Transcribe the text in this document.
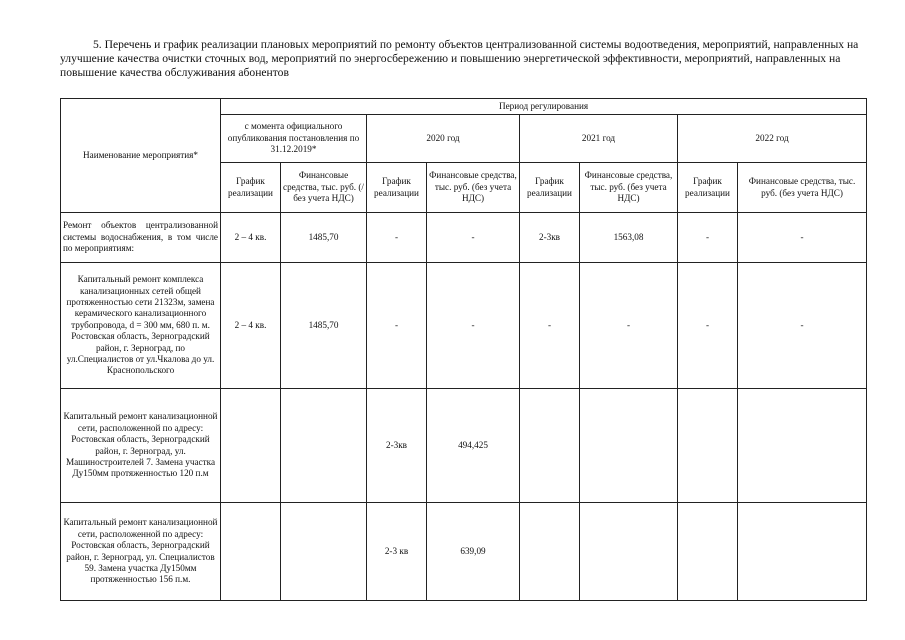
5. Перечень и график реализации плановых мероприятий по ремонту объектов централизованной системы водоотведения, мероприятий, направленных на улучшение качества очистки сточных вод, мероприятий по энергосбережению и повышению энергетической эффективности, мероприятий, направленных на повышение качества обслуживания абонентов
Наименование мероприятия*	Период регулирования							
	с момента официального опубликования постановления по 31.12.2019*		2020 год		2021 год		2022 год	
	График реализации	Финансовые средства, тыс. руб. (/без учета НДС)	График реализации	Финансовые средства, тыс. руб. (без учета НДС)	График реализации	Финансовые средства, тыс. руб. (без учета НДС)	График реализации	Финансовые средства, тыс. руб. (без учета НДС)
Ремонт объектов централизованной системы водоснабжения, в том числе по мероприятиям:	2 – 4 кв.	1485,70	-	-	2-3кв	1563,08	-	-
Капитальный ремонт комплекса канализационных сетей общей протяженностью сети 21323м, замена керамического канализационного трубопровода, d = 300 мм, 680 п. м. Ростовская область, Зерноградский район, г. Зерноград, по ул.Специалистов от ул.Чкалова до ул. Краснопольского	2 – 4 кв.	1485,70	-	-	-	-	-	-
Капитальный ремонт канализационной сети, расположенной по адресу: Ростовская область, Зерноградский район, г. Зерноград, ул. Машиностроителей 7. Замена участка Ду150мм протяженностью 120 п.м			2-3кв	494,425				
Капитальный ремонт канализационной сети, расположенной по адресу: Ростовская область, Зерноградский район, г. Зерноград, ул. Специалистов 59. Замена участка Ду150мм протяженностью 156 п.м.			2-3 кв	639,09				
